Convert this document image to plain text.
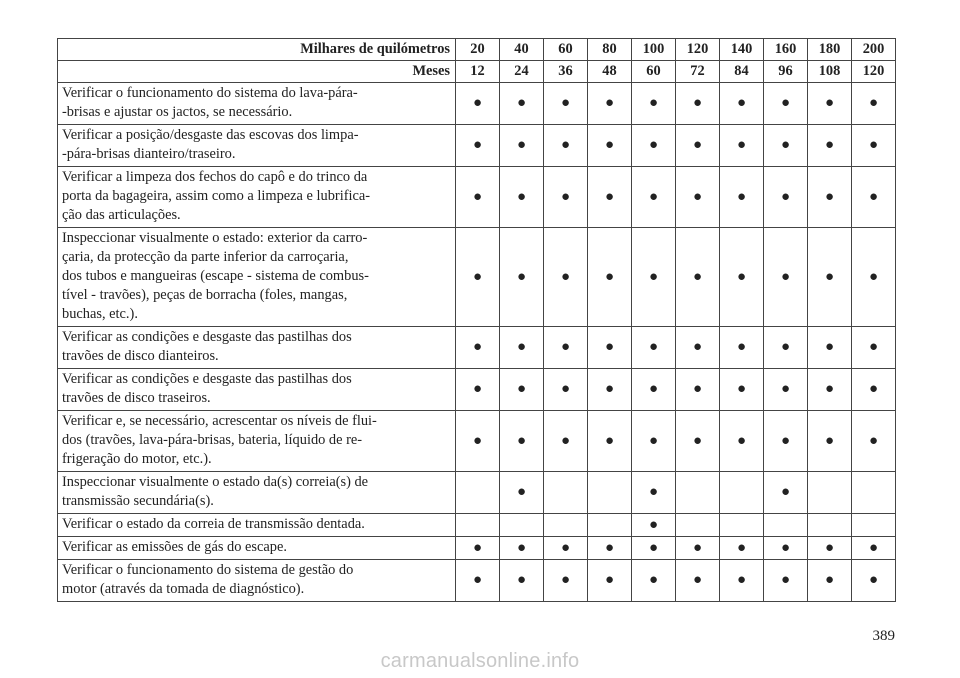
Milhares de quilómetros	20	40	60	80	100	120	140	160	180	200
Meses	12	24	36	48	60	72	84	96	108	120

Verificar o funcionamento do sistema do lava-pára-
-brisas e ajustar os jactos, se necessário.	●	●	●	●	●	●	●	●	●	●

Verificar a posição/desgaste das escovas dos limpa-
-pára-brisas dianteiro/traseiro.	●	●	●	●	●	●	●	●	●	●

Verificar a limpeza dos fechos do capô e do trinco da
porta da bagageira, assim como a limpeza e lubrifica-
ção das articulações.	●	●	●	●	●	●	●	●	●	●

Inspeccionar visualmente o estado: exterior da carro-
çaria, da protecção da parte inferior da carroçaria,
dos tubos e mangueiras (escape - sistema de combus-
tível - travões), peças de borracha (foles, mangas,
buchas, etc.).	●	●	●	●	●	●	●	●	●	●

Verificar as condições e desgaste das pastilhas dos
travões de disco dianteiros.	●	●	●	●	●	●	●	●	●	●

Verificar as condições e desgaste das pastilhas dos
travões de disco traseiros.	●	●	●	●	●	●	●	●	●	●

Verificar e, se necessário, acrescentar os níveis de flui-
dos (travões, lava-pára-brisas, bateria, líquido de re-
frigeração do motor, etc.).	●	●	●	●	●	●	●	●	●	●

Inspeccionar visualmente o estado da(s) correia(s) de
transmissão secundária(s).		●			●			●		

Verificar o estado da correia de transmissão dentada.					●					

Verificar as emissões de gás do escape.	●	●	●	●	●	●	●	●	●	●

Verificar o funcionamento do sistema de gestão do
motor (através da tomada de diagnóstico).	●	●	●	●	●	●	●	●	●	●
389
carmanualsonline.info
